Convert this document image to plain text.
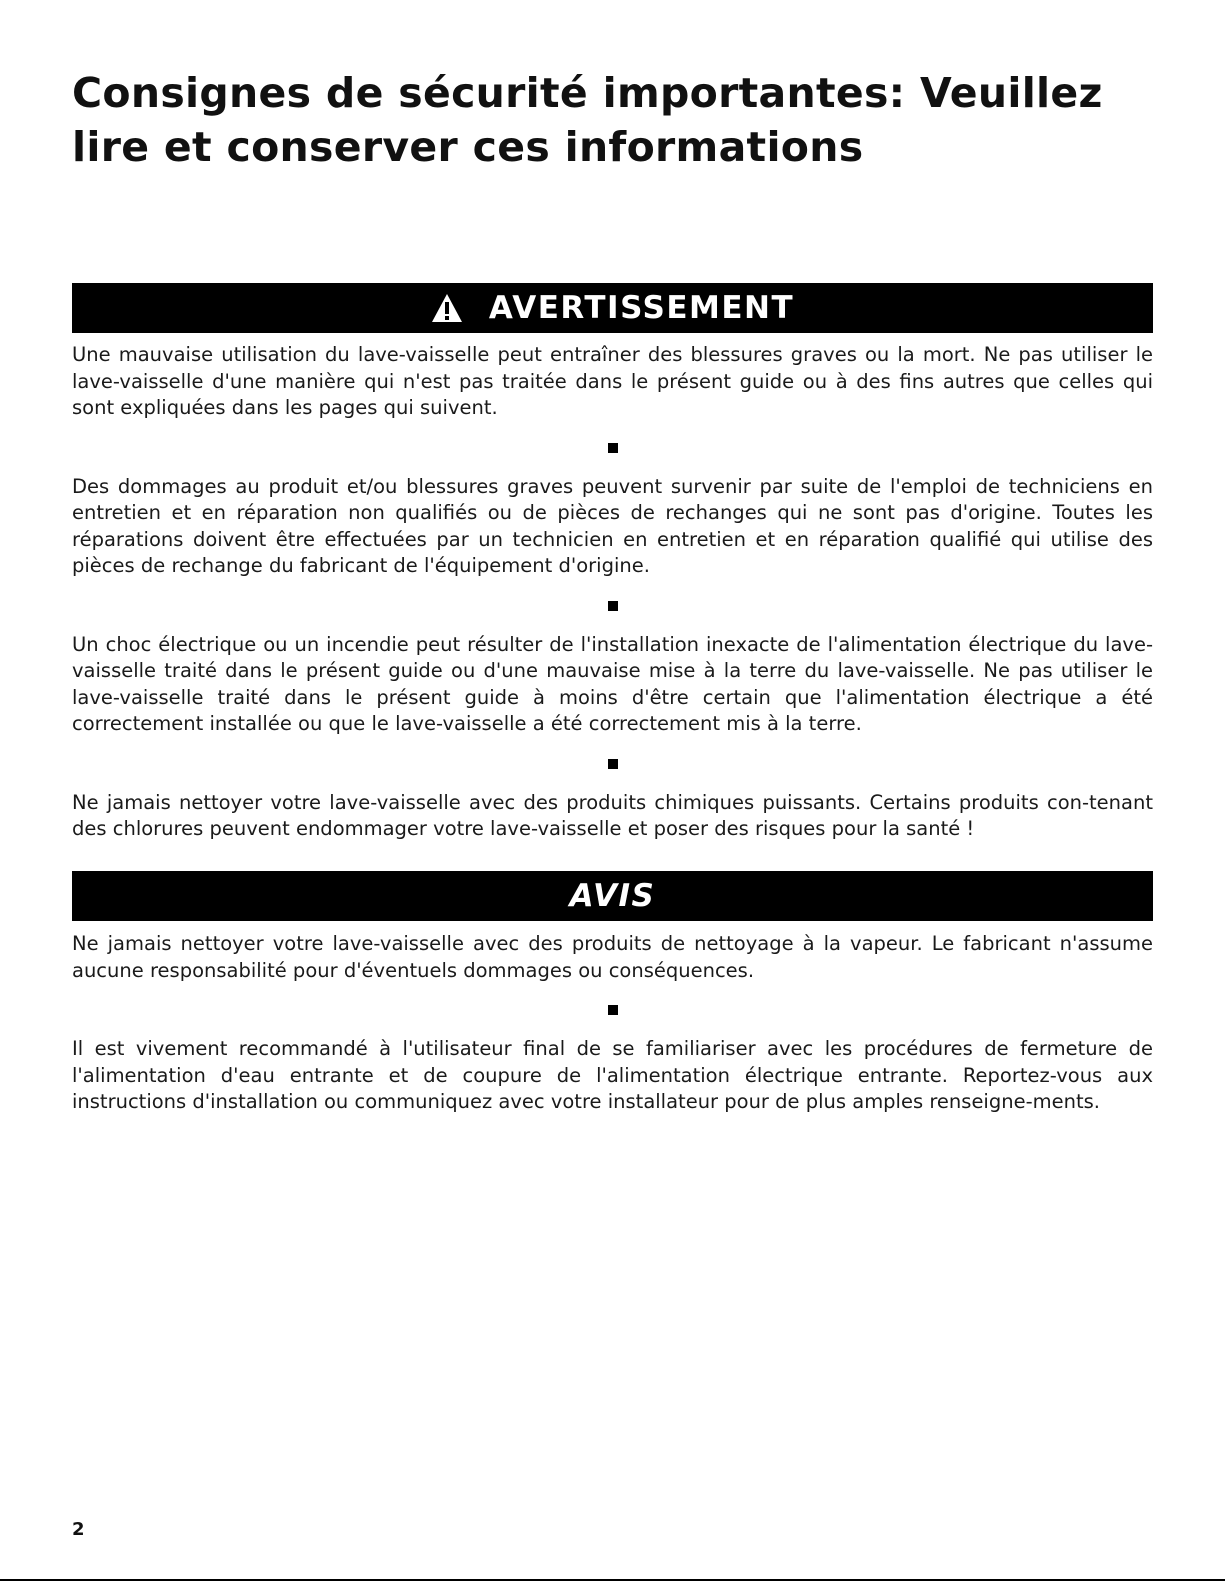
Consignes de sécurité importantes: Veuillez lire et conserver ces informations
AVERTISSEMENT

Une mauvaise utilisation du lave-vaisselle peut entraîner des blessures graves ou la mort. Ne pas utiliser le lave-vaisselle d'une manière qui n'est pas traitée dans le présent guide ou à des fins autres que celles qui sont expliquées dans les pages qui suivent.

Des dommages au produit et/ou blessures graves peuvent survenir par suite de l'emploi de techniciens en entretien et en réparation non qualifiés ou de pièces de rechanges qui ne sont pas d'origine. Toutes les réparations doivent être effectuées par un technicien en entretien et en réparation qualifié qui utilise des pièces de rechange du fabricant de l'équipement d'origine.

Un choc électrique ou un incendie peut résulter de l'installation inexacte de l'alimentation électrique du lave-vaisselle traité dans le présent guide ou d'une mauvaise mise à la terre du lave-vaisselle. Ne pas utiliser le lave-vaisselle traité dans le présent guide à moins d'être certain que l'alimentation électrique a été correctement installée ou que le lave-vaisselle a été correctement mis à la terre.

Ne jamais nettoyer votre lave-vaisselle avec des produits chimiques puissants. Certains produits con-tenant des chlorures peuvent endommager votre lave-vaisselle et poser des risques pour la santé !

AVIS

Ne jamais nettoyer votre lave-vaisselle avec des produits de nettoyage à la vapeur. Le fabricant n'assume aucune responsabilité pour d'éventuels dommages ou conséquences.

Il est vivement recommandé à l'utilisateur final de se familiariser avec les procédures de fermeture de l'alimentation d'eau entrante et de coupure de l'alimentation électrique entrante. Reportez-vous aux instructions d'installation ou communiquez avec votre installateur pour de plus amples renseigne-ments.

2
